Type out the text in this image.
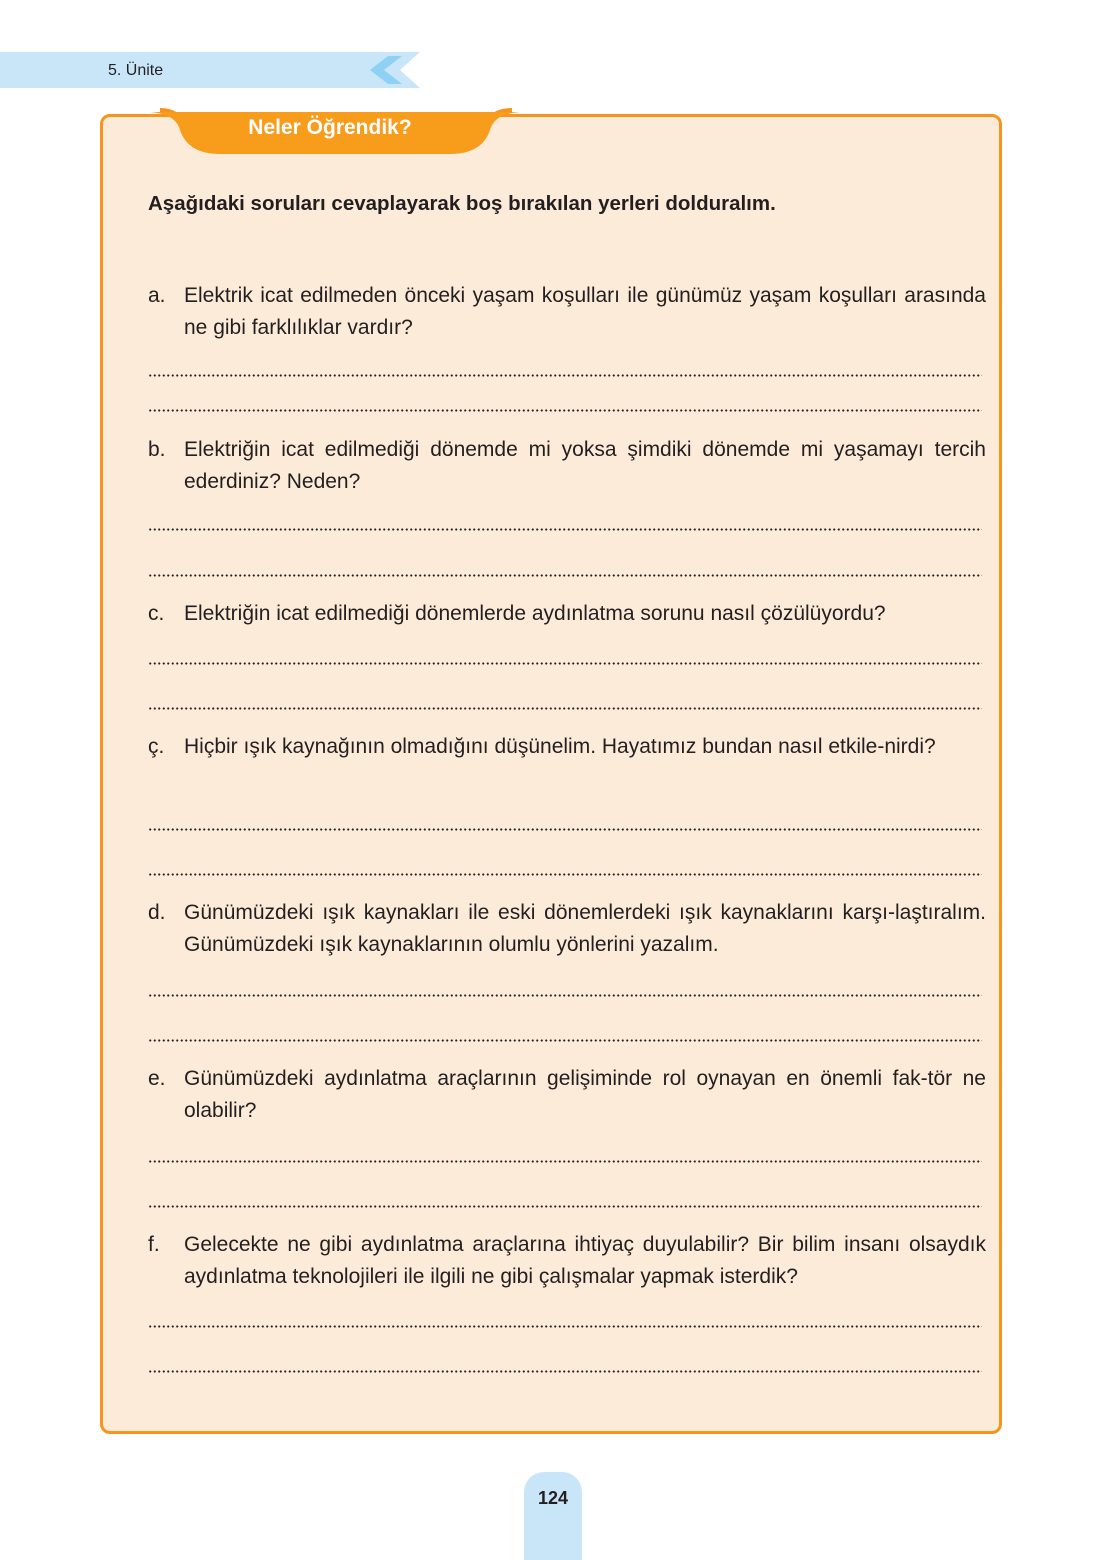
5. Ünite
Neler Öğrendik?
Aşağıdaki soruları cevaplayarak boş bırakılan yerleri dolduralım.
a. Elektrik icat edilmeden önceki yaşam koşulları ile günümüz yaşam koşulları arasında ne gibi farklılıklar vardır?
b. Elektriğin icat edilmediği dönemde mi yoksa şimdiki dönemde mi yaşamayı tercih ederdiniz? Neden?
c. Elektriğin icat edilmediği dönemlerde aydınlatma sorunu nasıl çözülüyordu?
ç. Hiçbir ışık kaynağının olmadığını düşünelim. Hayatımız bundan nasıl etkile-nirdi?
d. Günümüzdeki ışık kaynakları ile eski dönemlerdeki ışık kaynaklarını karşı-laştıralım. Günümüzdeki ışık kaynaklarının olumlu yönlerini yazalım.
e. Günümüzdeki aydınlatma araçlarının gelişiminde rol oynayan en önemli fak-tör ne olabilir?
f.	Gelecekte ne gibi aydınlatma araçlarına ihtiyaç duyulabilir? Bir bilim insanı olsaydık aydınlatma teknolojileri ile ilgili ne gibi çalışmalar yapmak isterdik?
124
